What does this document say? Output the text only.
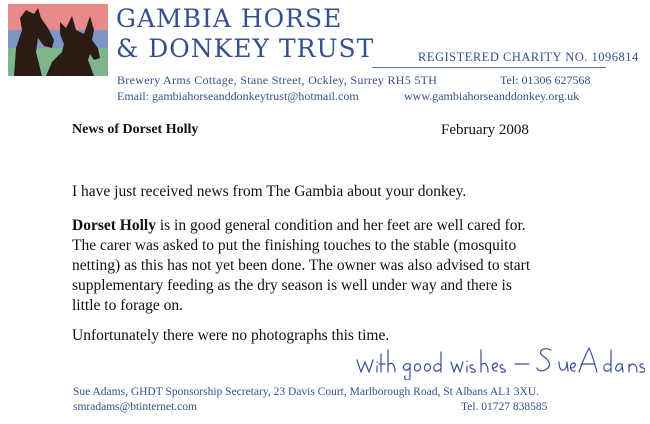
GAMBIA HORSE
& DONKEY TRUST	REGISTERED CHARITY NO. 1096814
Brewery Arms Cottage, Stane Street, Ockley, Surrey RH5 5TH	Tel: 01306 627568
Email: gambiahorseanddonkeytrust@hotmail.com	www.gambiahorseanddonkey.org.uk
News of Dorset Holly	February 2008
I have just received news from The Gambia about your donkey.
Dorset Holly is in good general condition and her feet are well cared for.
The carer was asked to put the finishing touches to the stable (mosquito
netting) as this has not yet been done. The owner was also advised to start
supplementary feeding as the dry season is well under way and there is
little to forage on.
Unfortunately there were no photographs this time.
Sue Adams, GHDT Sponsorship Secretary, 23 Davis Court, Marlborough Road, St Albans AL1 3XU.
smradams@btinternet.com	Tel. 01727 838585
